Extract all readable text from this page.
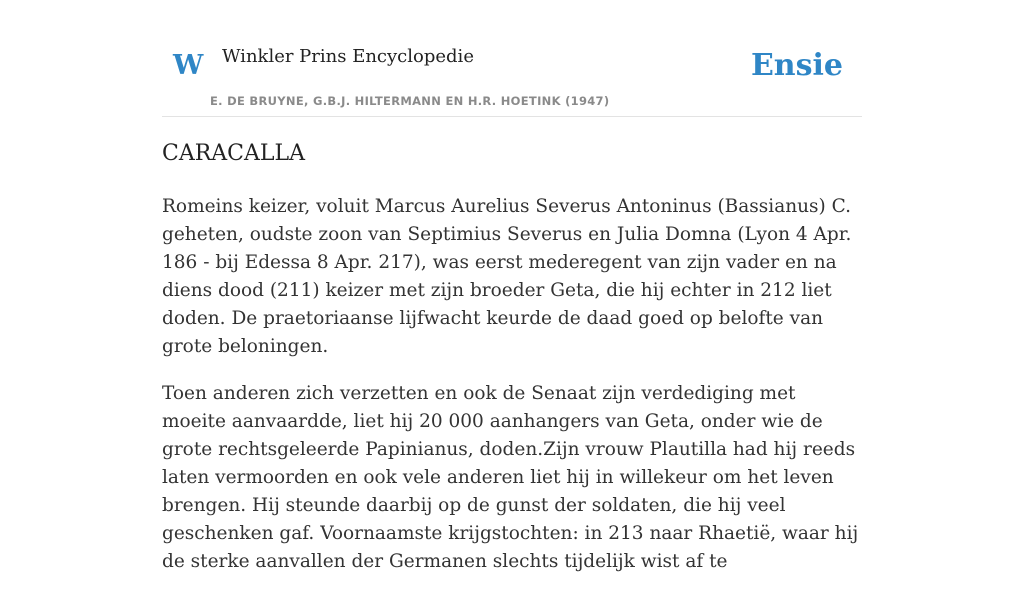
W Winkler Prins Encyclopedie
E. DE BRUYNE, G.B.J. HILTERMANN EN H.R. HOETINK (1947)
Ensie
CARACALLA

Romeins keizer, voluit Marcus Aurelius Severus Antoninus (Bassianus) C. geheten, oudste zoon van Septimius Severus en Julia Domna (Lyon 4 Apr. 186 - bij Edessa 8 Apr. 217), was eerst mederegent van zijn vader en na diens dood (211) keizer met zijn broeder Geta, die hij echter in 212 liet doden. De praetoriaanse lijfwacht keurde de daad goed op belofte van grote beloningen.

Toen anderen zich verzetten en ook de Senaat zijn verdediging met moeite aanvaardde, liet hij 20 000 aanhangers van Geta, onder wie de grote rechtsgeleerde Papinianus, doden.Zijn vrouw Plautilla had hij reeds laten vermoorden en ook vele anderen liet hij in willekeur om het leven brengen. Hij steunde daarbij op de gunst der soldaten, die hij veel geschenken gaf. Voornaamste krijgstochten: in 213 naar Rhaetië, waar hij de sterke aanvallen der Germanen slechts tijdelijk wist af te
